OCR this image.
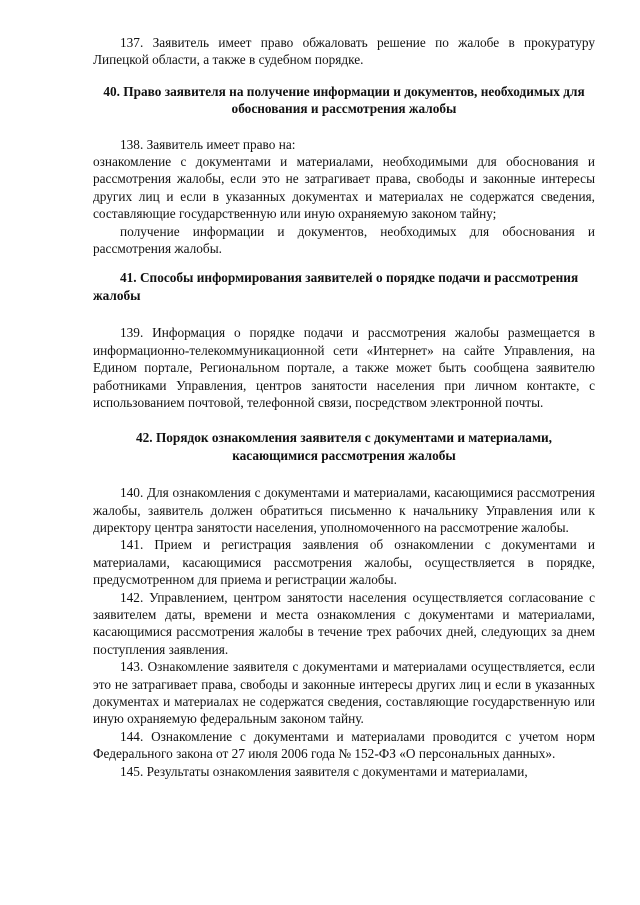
137. Заявитель имеет право обжаловать решение по жалобе в прокуратуру Липецкой области, а также в судебном порядке.

40. Право заявителя на получение информации и документов, необходимых для обоснования и рассмотрения жалобы

138. Заявитель имеет право на:

ознакомление с документами и материалами, необходимыми для обоснования и рассмотрения жалобы, если это не затрагивает права, свободы и законные интересы других лиц и если в указанных документах и материалах не содержатся сведения, составляющие государственную или иную охраняемую законом тайну;

получение информации и документов, необходимых для обоснования и рассмотрения жалобы.

41. Способы информирования заявителей о порядке подачи и рассмотрения жалобы

139. Информация о порядке подачи и рассмотрения жалобы размещается в информационно-телекоммуникационной сети «Интернет» на сайте Управления, на Едином портале, Региональном портале, а также может быть сообщена заявителю работниками Управления, центров занятости населения при личном контакте, с использованием почтовой, телефонной связи, посредством электронной почты.

42. Порядок ознакомления заявителя с документами и материалами, касающимися рассмотрения жалобы

140. Для ознакомления с документами и материалами, касающимися рассмотрения жалобы, заявитель должен обратиться письменно к начальнику Управления или к директору центра занятости населения, уполномоченного на рассмотрение жалобы.

141. Прием и регистрация заявления об ознакомлении с документами и материалами, касающимися рассмотрения жалобы, осуществляется в порядке, предусмотренном для приема и регистрации жалобы.

142. Управлением, центром занятости населения осуществляется согласование с заявителем даты, времени и места ознакомления с документами и материалами, касающимися рассмотрения жалобы в течение трех рабочих дней, следующих за днем поступления заявления.

143. Ознакомление заявителя с документами и материалами осуществляется, если это не затрагивает права, свободы и законные интересы других лиц и если в указанных документах и материалах не содержатся сведения, составляющие государственную или иную охраняемую федеральным законом тайну.

144. Ознакомление с документами и материалами проводится с учетом норм Федерального закона от 27 июля 2006 года № 152-ФЗ «О персональных данных».

145. Результаты ознакомления заявителя с документами и материалами,
